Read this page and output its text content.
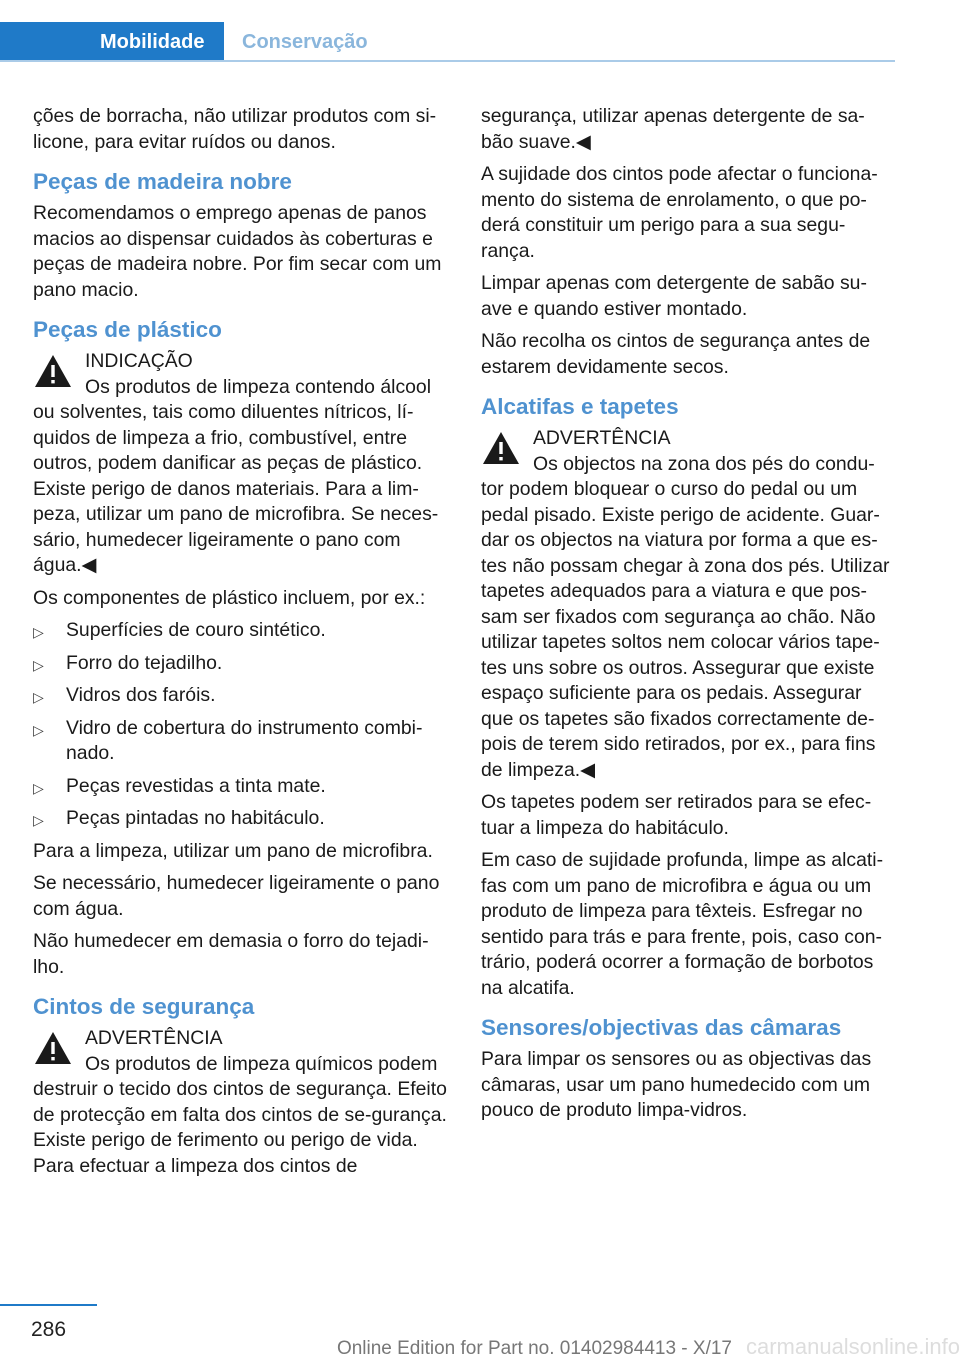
Mobilidade Conservação

ções de borracha, não utilizar produtos com si-licone, para evitar ruídos ou danos.

Peças de madeira nobre

Recomendamos o emprego apenas de panos macios ao dispensar cuidados às coberturas e peças de madeira nobre. Por fim secar com um pano macio.

Peças de plástico
INDICAÇÃO
Os produtos de limpeza contendo álcool ou solventes, tais como diluentes nítricos, lí-quidos de limpeza a frio, combustível, entre outros, podem danificar as peças de plástico. Existe perigo de danos materiais. Para a lim-peza, utilizar um pano de microfibra. Se neces-sário, humedecer ligeiramente o pano com água.◀

Os componentes de plástico incluem, por ex.:

▷ Superfícies de couro sintético.
▷ Forro do tejadilho.
▷ Vidros dos faróis.
▷ Vidro de cobertura do instrumento combi-nado.
▷ Peças revestidas a tinta mate.
▷ Peças pintadas no habitáculo.

Para a limpeza, utilizar um pano de microfibra.

Se necessário, humedecer ligeiramente o pano com água.

Não humedecer em demasia o forro do tejadi-lho.

Cintos de segurança
ADVERTÊNCIA
Os produtos de limpeza químicos podem destruir o tecido dos cintos de segurança. Efeito de protecção em falta dos cintos de se-gurança. Existe perigo de ferimento ou perigo de vida. Para efectuar a limpeza dos cintos de

segurança, utilizar apenas detergente de sa-bão suave.◀

A sujidade dos cintos pode afectar o funciona-mento do sistema de enrolamento, o que po-derá constituir um perigo para a sua segu-rança.

Limpar apenas com detergente de sabão su-ave e quando estiver montado.

Não recolha os cintos de segurança antes de estarem devidamente secos.

Alcatifas e tapetes
ADVERTÊNCIA
Os objectos na zona dos pés do condu-tor podem bloquear o curso do pedal ou um pedal pisado. Existe perigo de acidente. Guar-dar os objectos na viatura por forma a que es-tes não possam chegar à zona dos pés. Utilizar tapetes adequados para a viatura e que pos-sam ser fixados com segurança ao chão. Não utilizar tapetes soltos nem colocar vários tape-tes uns sobre os outros. Assegurar que existe espaço suficiente para os pedais. Assegurar que os tapetes são fixados correctamente de-pois de terem sido retirados, por ex., para fins de limpeza.◀

Os tapetes podem ser retirados para se efec-tuar a limpeza do habitáculo.

Em caso de sujidade profunda, limpe as alcati-fas com um pano de microfibra e água ou um produto de limpeza para têxteis. Esfregar no sentido para trás e para frente, pois, caso con-trário, poderá ocorrer a formação de borbotos na alcatifa.

Sensores/objectivas das câmaras

Para limpar os sensores ou as objectivas das câmaras, usar um pano humedecido com um pouco de produto limpa-vidros.

286
Online Edition for Part no. 01402984413 - X/17 carmanualsonline.info
